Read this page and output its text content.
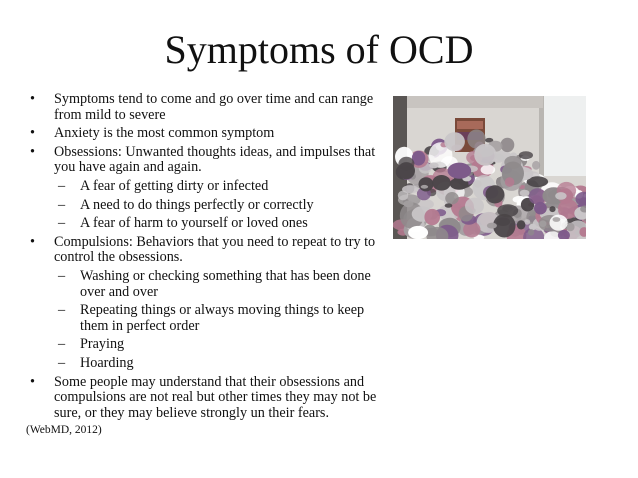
Symptoms of OCD
• Symptoms tend to come and go over time and can range from mild to severe
• Anxiety is the most common symptom
• Obsessions: Unwanted thoughts ideas, and impulses that you have again and again.
– A fear of getting dirty or infected
– A need to do things perfectly or correctly
– A fear of harm to yourself or loved ones
• Compulsions: Behaviors that you need to repeat to try to control the obsessions.
– Washing or checking something that has been done over and over
– Repeating things or always moving things to keep them in perfect order
– Praying
– Hoarding
• Some people may understand that their obsessions and compulsions are not real but other times they may not be sure, or they may believe strongly un their fears.
(WebMD, 2012)
